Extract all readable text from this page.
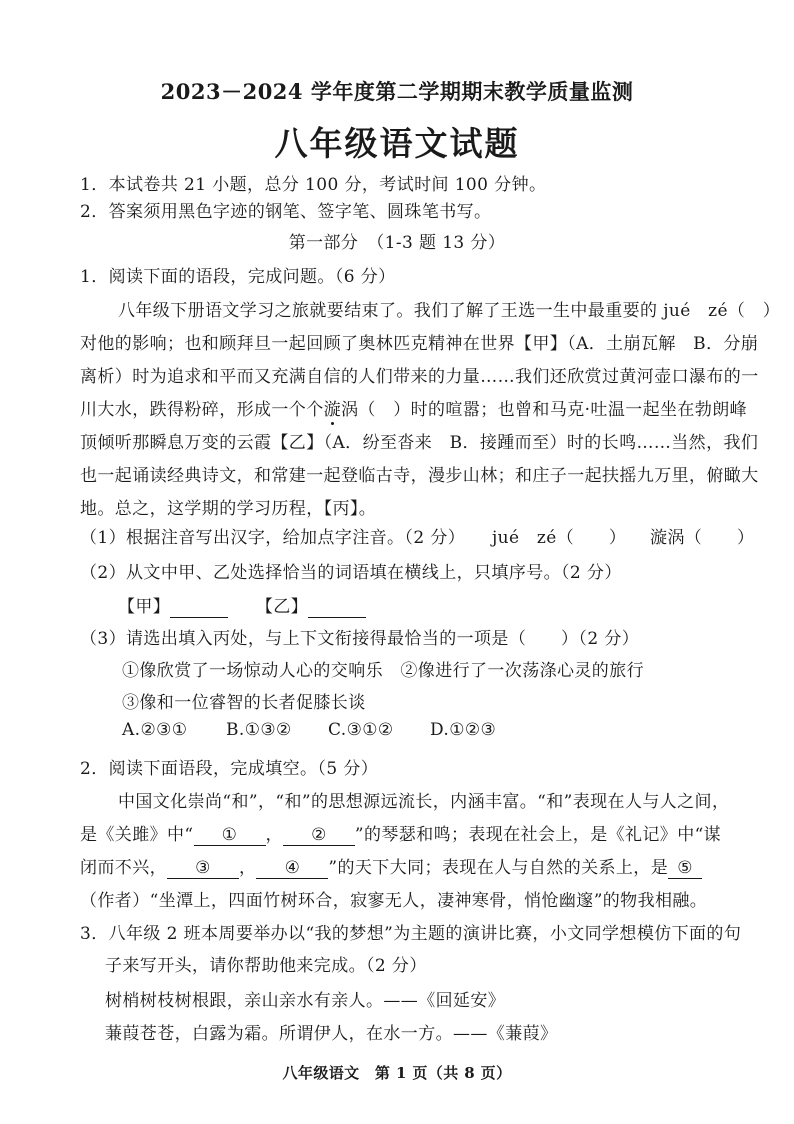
2023－2024 学年度第二学期期末教学质量监测
八年级语文试题
1．本试卷共 21 小题，总分 100 分，考试时间 100 分钟。
2．答案须用黑色字迹的钢笔、签字笔、圆珠笔书写。
第一部分　（1-3 题 13 分）
1．阅读下面的语段，完成问题。（6 分）
八年级下册语文学习之旅就要结束了。我们了解了王选一生中最重要的 jué　zé（　）
对他的影响；也和顾拜旦一起回顾了奥林匹克精神在世界【甲】（A．土崩瓦解　B．分崩
离析）时为追求和平而又充满自信的人们带来的力量……我们还欣赏过黄河壶口瀑布的一
川大水，跌得粉碎，形成一个个漩涡（　）时的喧嚣；也曾和马克·吐温一起坐在勃朗峰
顶倾听那瞬息万变的云霞【乙】（A．纷至沓来　B．接踵而至）时的长鸣……当然，我们
也一起诵读经典诗文，和常建一起登临古寺，漫步山林；和庄子一起扶摇九万里，俯瞰大
地。总之，这学期的学习历程，【丙】。
（1）根据注音写出汉字，给加点字注音。（2 分） jué　zé（　　） 漩涡（　　）
（2）从文中甲、乙处选择恰当的词语填在横线上，只填序号。（2 分）
【甲】	【乙】
（3）请选出填入丙处，与上下文衔接得最恰当的一项是（　　）（2 分）
①像欣赏了一场惊动人心的交响乐　②像进行了一次荡涤心灵的旅行
③像和一位睿智的长者促膝长谈
A.②③① B.①③② C.③①② D.①②③
2．阅读下面语段，完成填空。（5 分）
中国文化崇尚“和”，“和”的思想源远流长，内涵丰富。“和”表现在人与人之间，
是《关雎》中“ ① ， ② ”的琴瑟和鸣；表现在社会上，是《礼记》中“谋
闭而不兴， ③ ， ④ ”的天下大同；表现在人与自然的关系上，是 ⑤
（作者）“坐潭上，四面竹树环合，寂寥无人，凄神寒骨，悄怆幽邃”的物我相融。
3．八年级 2 班本周要举办以“我的梦想”为主题的演讲比赛，小文同学想模仿下面的句
子来写开头，请你帮助他来完成。（2 分）
树梢树枝树根跟，亲山亲水有亲人。——《回延安》
蒹葭苍苍，白露为霜。所谓伊人，在水一方。——《蒹葭》
八年级语文　第 1 页（共 8 页）
